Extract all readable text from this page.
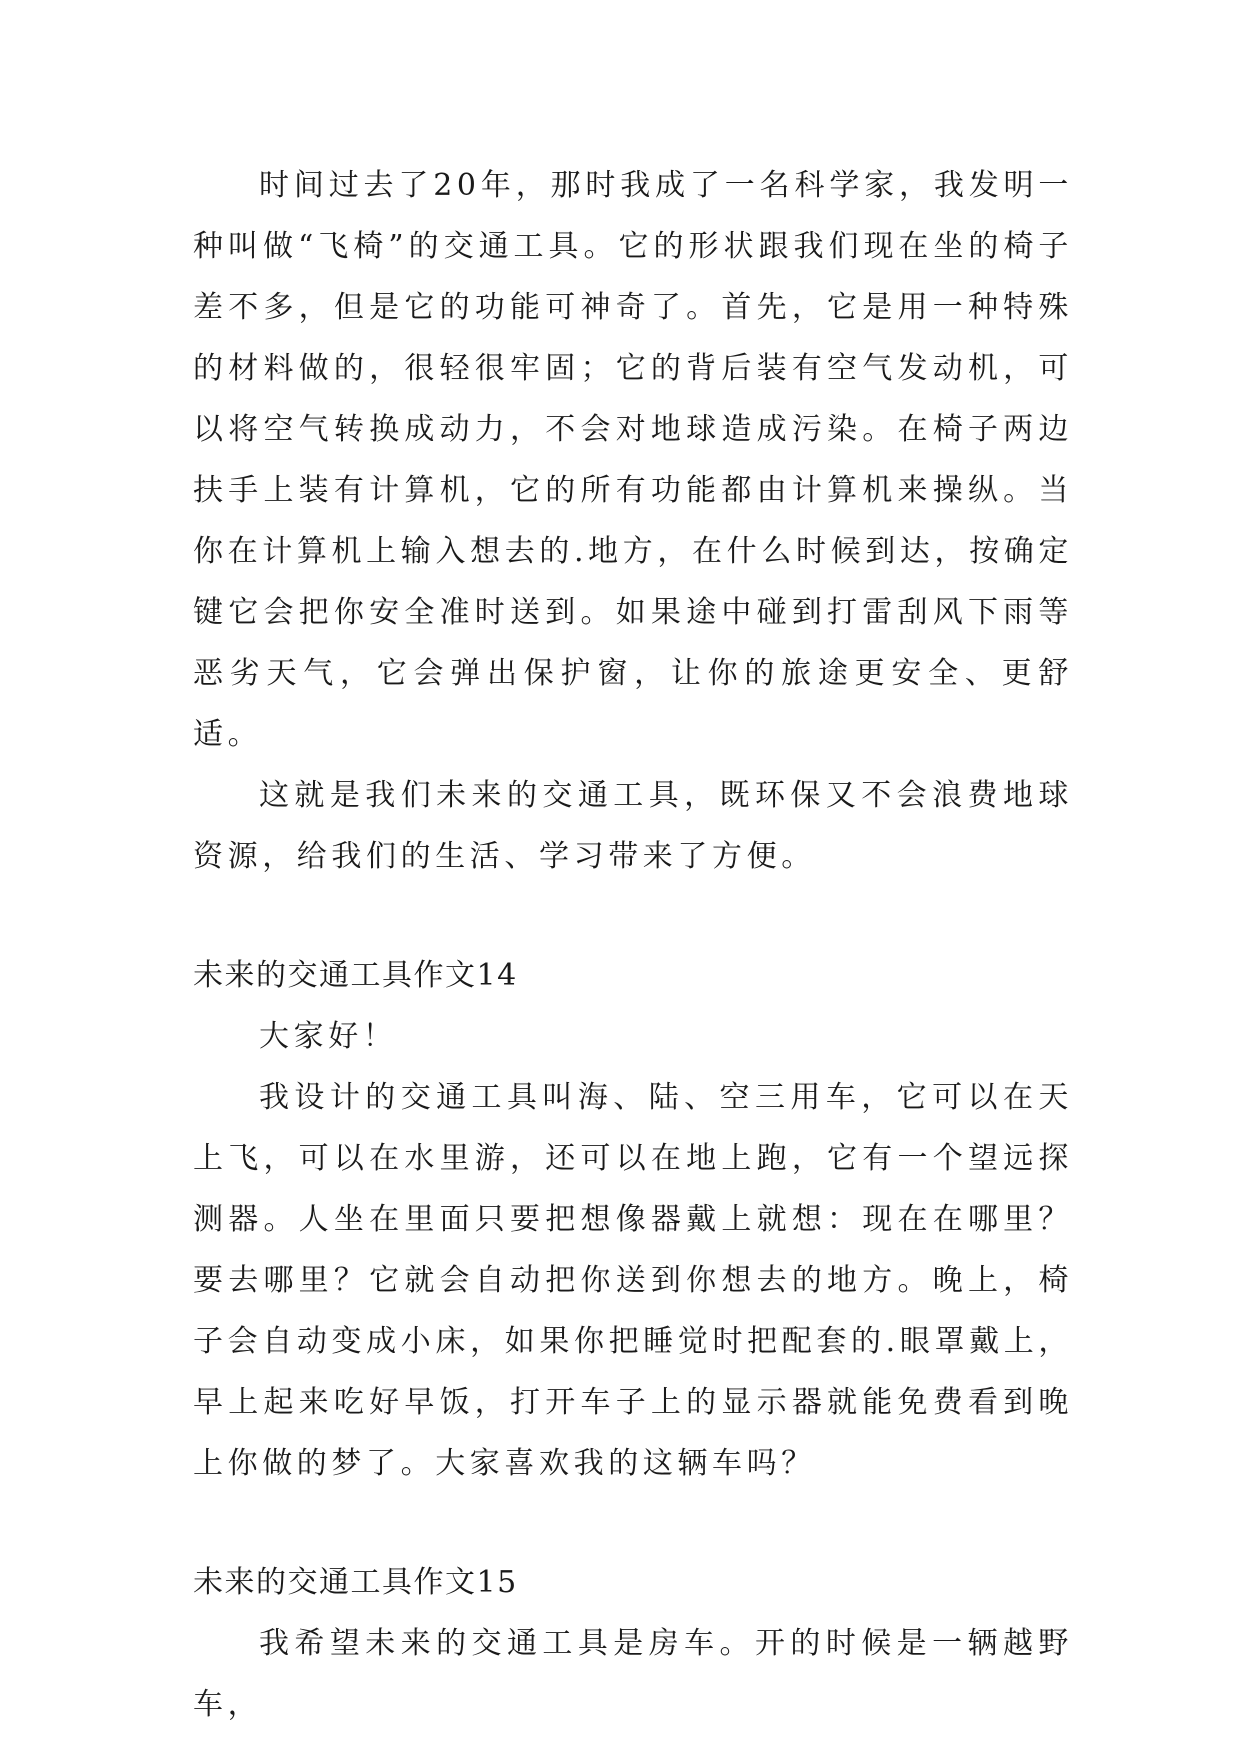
时间过去了20年，那时我成了一名科学家，我发明一种叫做“飞椅”的交通工具。它的形状跟我们现在坐的椅子差不多，但是它的功能可神奇了。首先，它是用一种特殊的材料做的，很轻很牢固；它的背后装有空气发动机，可以将空气转换成动力，不会对地球造成污染。在椅子两边扶手上装有计算机，它的所有功能都由计算机来操纵。当你在计算机上输入想去的.地方，在什么时候到达，按确定键它会把你安全准时送到。如果途中碰到打雷刮风下雨等恶劣天气，它会弹出保护窗，让你的旅途更安全、更舒适。

这就是我们未来的交通工具，既环保又不会浪费地球资源，给我们的生活、学习带来了方便。

未来的交通工具作文14

大家好！

我设计的交通工具叫海、陆、空三用车，它可以在天上飞，可以在水里游，还可以在地上跑，它有一个望远探测器。人坐在里面只要把想像器戴上就想：现在在哪里？要去哪里？它就会自动把你送到你想去的地方。晚上，椅子会自动变成小床，如果你把睡觉时把配套的.眼罩戴上，早上起来吃好早饭，打开车子上的显示器就能免费看到晚上你做的梦了。大家喜欢我的这辆车吗？

未来的交通工具作文15

我希望未来的交通工具是房车。开的时候是一辆越野车，
